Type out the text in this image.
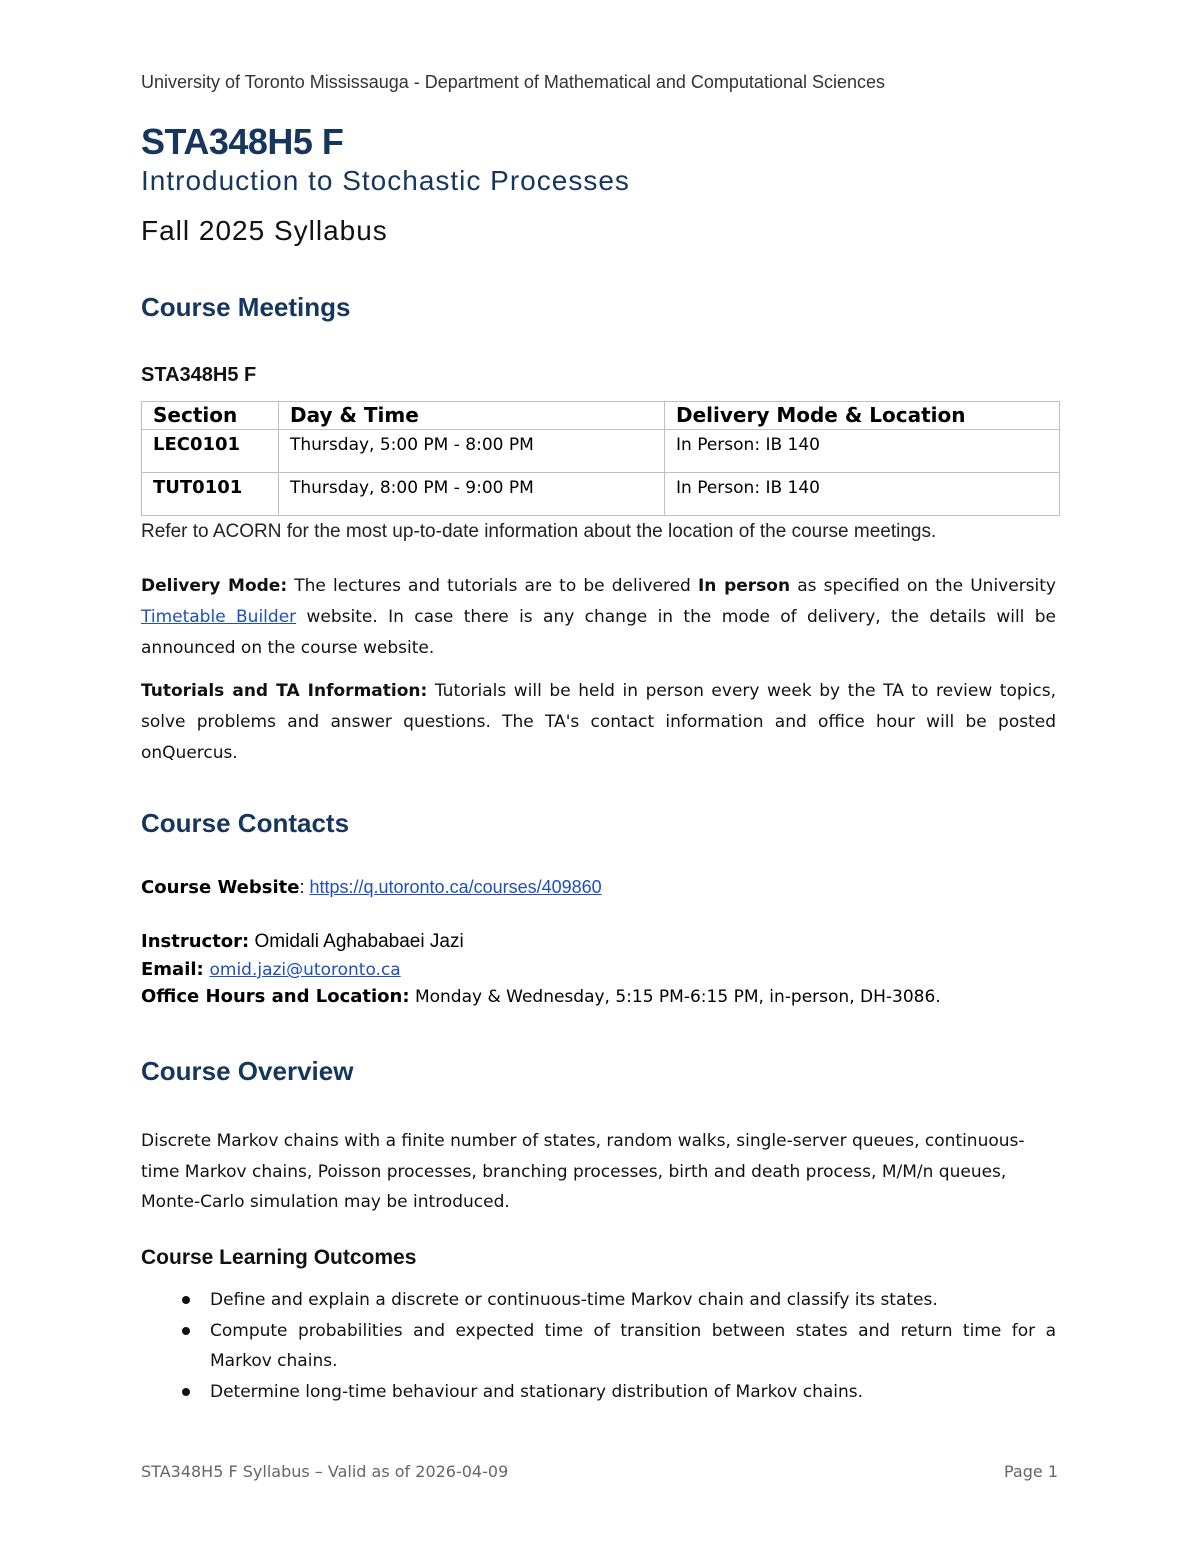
University of Toronto Mississauga - Department of Mathematical and Computational Sciences
STA348H5 F
Introduction to Stochastic Processes
Fall 2025 Syllabus
Course Meetings
STA348H5 F
Section	Day & Time	Delivery Mode & Location
LEC0101	Thursday, 5:00 PM - 8:00 PM	In Person: IB 140
TUT0101	Thursday, 8:00 PM - 9:00 PM	In Person: IB 140
Refer to ACORN for the most up-to-date information about the location of the course meetings.
Delivery Mode: The lectures and tutorials are to be delivered In person as specified on the University Timetable Builder website. In case there is any change in the mode of delivery, the details will be announced on the course website.
Tutorials and TA Information: Tutorials will be held in person every week by the TA to review topics, solve problems and answer questions. The TA's contact information and office hour will be posted onQuercus.
Course Contacts
Course Website: https://q.utoronto.ca/courses/409860
Instructor: Omidali Aghababaei Jazi
Email: omid.jazi@utoronto.ca
Office Hours and Location: Monday & Wednesday, 5:15 PM-6:15 PM, in-person, DH-3086.
Course Overview
Discrete Markov chains with a finite number of states, random walks, single-server queues, continuous-time Markov chains, Poisson processes, branching processes, birth and death process, M/M/n queues, Monte-Carlo simulation may be introduced.
Course Learning Outcomes
Define and explain a discrete or continuous-time Markov chain and classify its states.
Compute probabilities and expected time of transition between states and return time for a Markov chains.
Determine long-time behaviour and stationary distribution of Markov chains.
STA348H5 F Syllabus – Valid as of 2026-04-09	Page 1
